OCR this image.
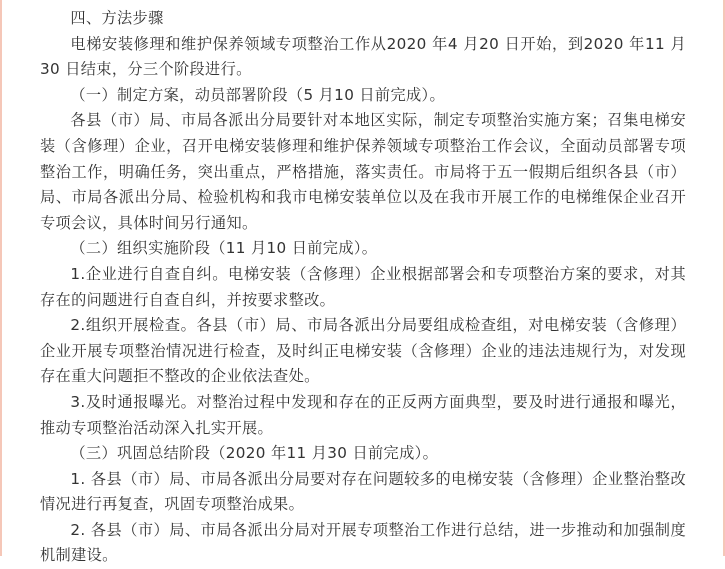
四、方法步骤

电梯安装修理和维护保养领域专项整治工作从2020 年4 月20 日开始，到2020 年11 月30 日结束，分三个阶段进行。

（一）制定方案，动员部署阶段（5 月10 日前完成）。

各县（市）局、市局各派出分局要针对本地区实际，制定专项整治实施方案；召集电梯安装（含修理）企业，召开电梯安装修理和维护保养领域专项整治工作会议，全面动员部署专项整治工作，明确任务，突出重点，严格措施，落实责任。市局将于五一假期后组织各县（市）局、市局各派出分局、检验机构和我市电梯安装单位以及在我市开展工作的电梯维保企业召开专项会议，具体时间另行通知。

（二）组织实施阶段（11 月10 日前完成）。

1.企业进行自查自纠。电梯安装（含修理）企业根据部署会和专项整治方案的要求，对其存在的问题进行自查自纠，并按要求整改。

2.组织开展检查。各县（市）局、市局各派出分局要组成检查组，对电梯安装（含修理）企业开展专项整治情况进行检查，及时纠正电梯安装（含修理）企业的违法违规行为，对发现存在重大问题拒不整改的企业依法查处。

3.及时通报曝光。对整治过程中发现和存在的正反两方面典型，要及时进行通报和曝光，推动专项整治活动深入扎实开展。

（三）巩固总结阶段（2020 年11 月30 日前完成）。

1. 各县（市）局、市局各派出分局要对存在问题较多的电梯安装（含修理）企业整治整改情况进行再复查，巩固专项整治成果。

2. 各县（市）局、市局各派出分局对开展专项整治工作进行总结，进一步推动和加强制度机制建设。
